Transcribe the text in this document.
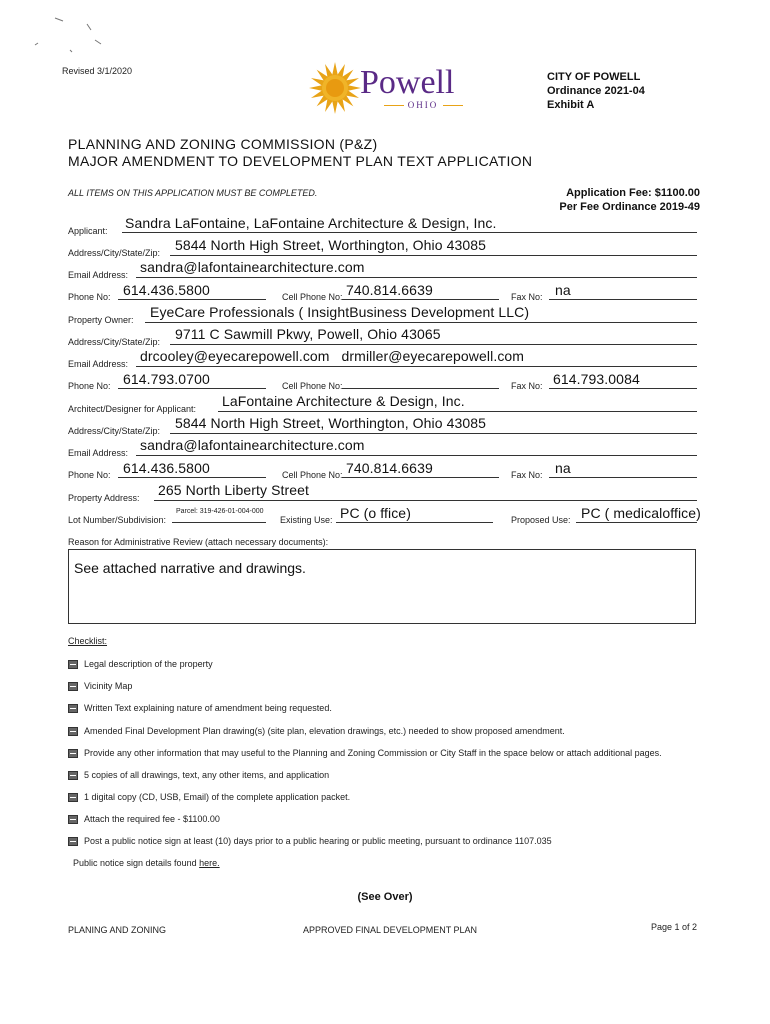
Revised 3/1/2020	Powell
OHIO
CITY OF POWELL
Ordinance 2021-04
Exhibit A
PLANNING AND ZONING COMMISSION (P&Z)
MAJOR AMENDMENT TO DEVELOPMENT PLAN TEXT APPLICATION
ALL ITEMS ON THIS APPLICATION MUST BE COMPLETED.	Application Fee: $1100.00
Per Fee Ordinance 2019-49
Applicant: Sandra LaFontaine, LaFontaine Architecture & Design, Inc.
Address/City/State/Zip: 5844 North High Street, Worthington, Ohio 43085
Email Address: sandra@lafontainearchitecture.com
Phone No: 614.436.5800	Cell Phone No: 740.814.6639	Fax No: na
Property Owner: EyeCare Professionals ( InsightBusiness Development LLC)
Address/City/State/Zip: 9711 C Sawmill Pkwy, Powell, Ohio 43065
Email Address: drcooley@eyecarepowell.com   drmiller@eyecarepowell.com
Phone No: 614.793.0700	Cell Phone No:	Fax No: 614.793.0084
Architect/Designer for Applicant: LaFontaine Architecture & Design, Inc.
Address/City/State/Zip: 5844 North High Street, Worthington, Ohio 43085
Email Address: sandra@lafontainearchitecture.com
Phone No: 614.436.5800	Cell Phone No: 740.814.6639	Fax No: na
Property Address: 265 North Liberty Street
Lot Number/Subdivision:
Parcel: 319-426-01-004-000
Existing Use: PC (o ffice)	Proposed Use: PC ( medicaloffice)
Reason for Administrative Review (attach necessary documents):
See attached narrative and drawings.
Checklist:
Legal description of the property
Vicinity Map
Written Text explaining nature of amendment being requested.
Amended Final Development Plan drawing(s) (site plan, elevation drawings, etc.) needed to show proposed amendment.
Provide any other information that may useful to the Planning and Zoning Commission or City Staff in the space below or attach additional pages.
5 copies of all drawings, text, any other items, and application
1 digital copy (CD, USB, Email) of the complete application packet.
Attach the required fee - $1100.00
Post a public notice sign at least (10) days prior to a public hearing or public meeting, pursuant to ordinance 1107.035
Public notice sign details found here.
(See Over)
PLANING AND ZONING	APPROVED FINAL DEVELOPMENT PLAN	Page 1 of 2
